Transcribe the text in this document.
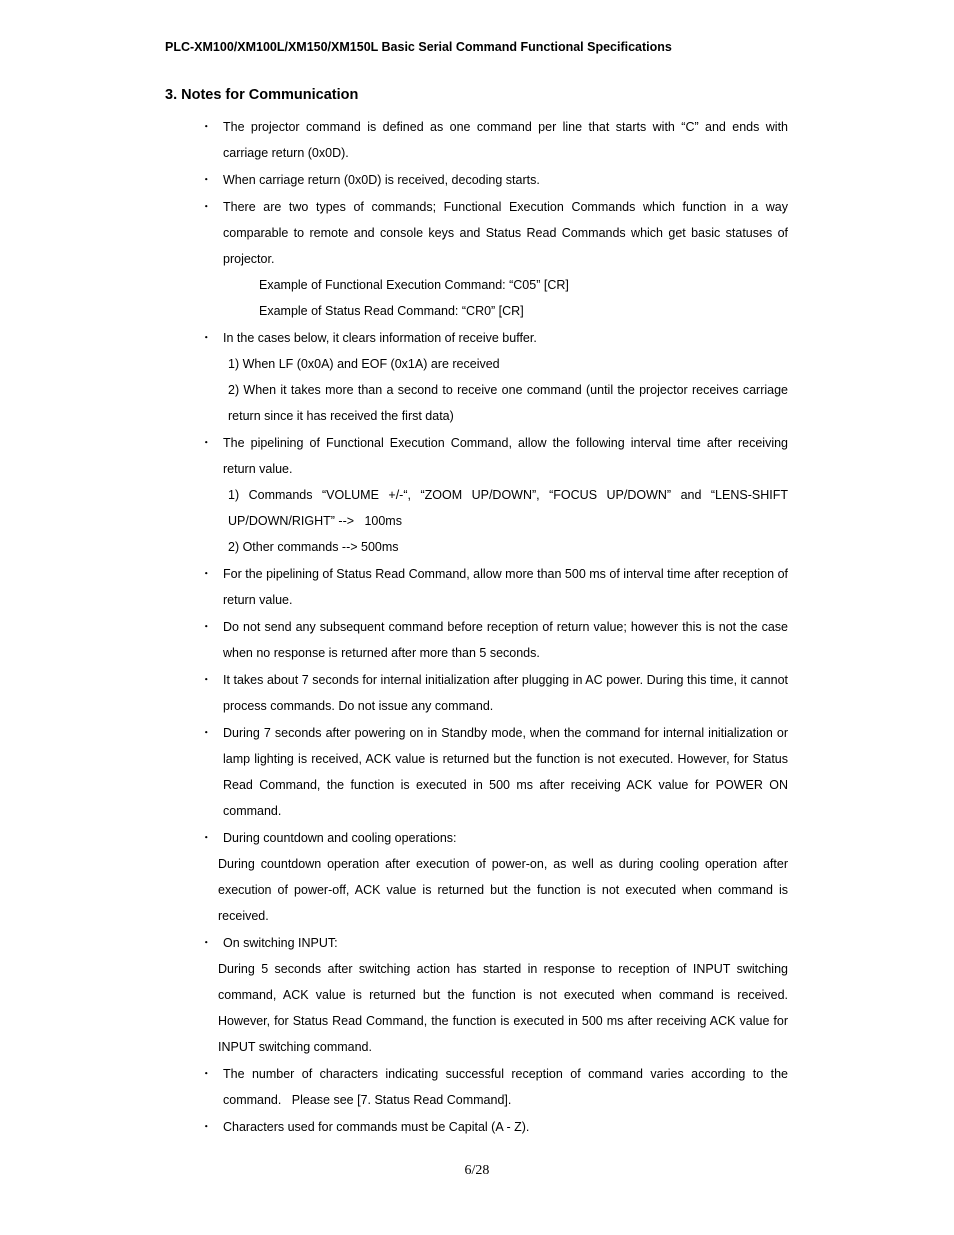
PLC-XM100/XM100L/XM150/XM150L Basic Serial Command Functional Specifications
3. Notes for Communication
・ The projector command is defined as one command per line that starts with “C” and ends with carriage return (0x0D).
・ When carriage return (0x0D) is received, decoding starts.
・ There are two types of commands; Functional Execution Commands which function in a way comparable to remote and console keys and Status Read Commands which get basic statuses of projector.
Example of Functional Execution Command: “C05” [CR]
Example of Status Read Command: “CR0” [CR]
・ In the cases below, it clears information of receive buffer.
1) When LF (0x0A) and EOF (0x1A) are received
2) When it takes more than a second to receive one command (until the projector receives carriage return since it has received the first data)
・ The pipelining of Functional Execution Command, allow the following interval time after receiving return value.
1) Commands “VOLUME +/-“, “ZOOM UP/DOWN”, “FOCUS UP/DOWN” and “LENS-SHIFT UP/DOWN/RIGHT” -->   100ms
2) Other commands --> 500ms
・ For the pipelining of Status Read Command, allow more than 500 ms of interval time after reception of return value.
・ Do not send any subsequent command before reception of return value; however this is not the case when no response is returned after more than 5 seconds.
・ It takes about 7 seconds for internal initialization after plugging in AC power. During this time, it cannot process commands. Do not issue any command.
・ During 7 seconds after powering on in Standby mode, when the command for internal initialization or lamp lighting is received, ACK value is returned but the function is not executed. However, for Status Read Command, the function is executed in 500 ms after receiving ACK value for POWER ON command.
・ During countdown and cooling operations:
During countdown operation after execution of power-on, as well as during cooling operation after execution of power-off, ACK value is returned but the function is not executed when command is received.
・ On switching INPUT:
During 5 seconds after switching action has started in response to reception of INPUT switching command, ACK value is returned but the function is not executed when command is received. However, for Status Read Command, the function is executed in 500 ms after receiving ACK value for INPUT switching command.
・ The number of characters indicating successful reception of command varies according to the command.   Please see [7. Status Read Command].
・ Characters used for commands must be Capital (A - Z).
6/28
